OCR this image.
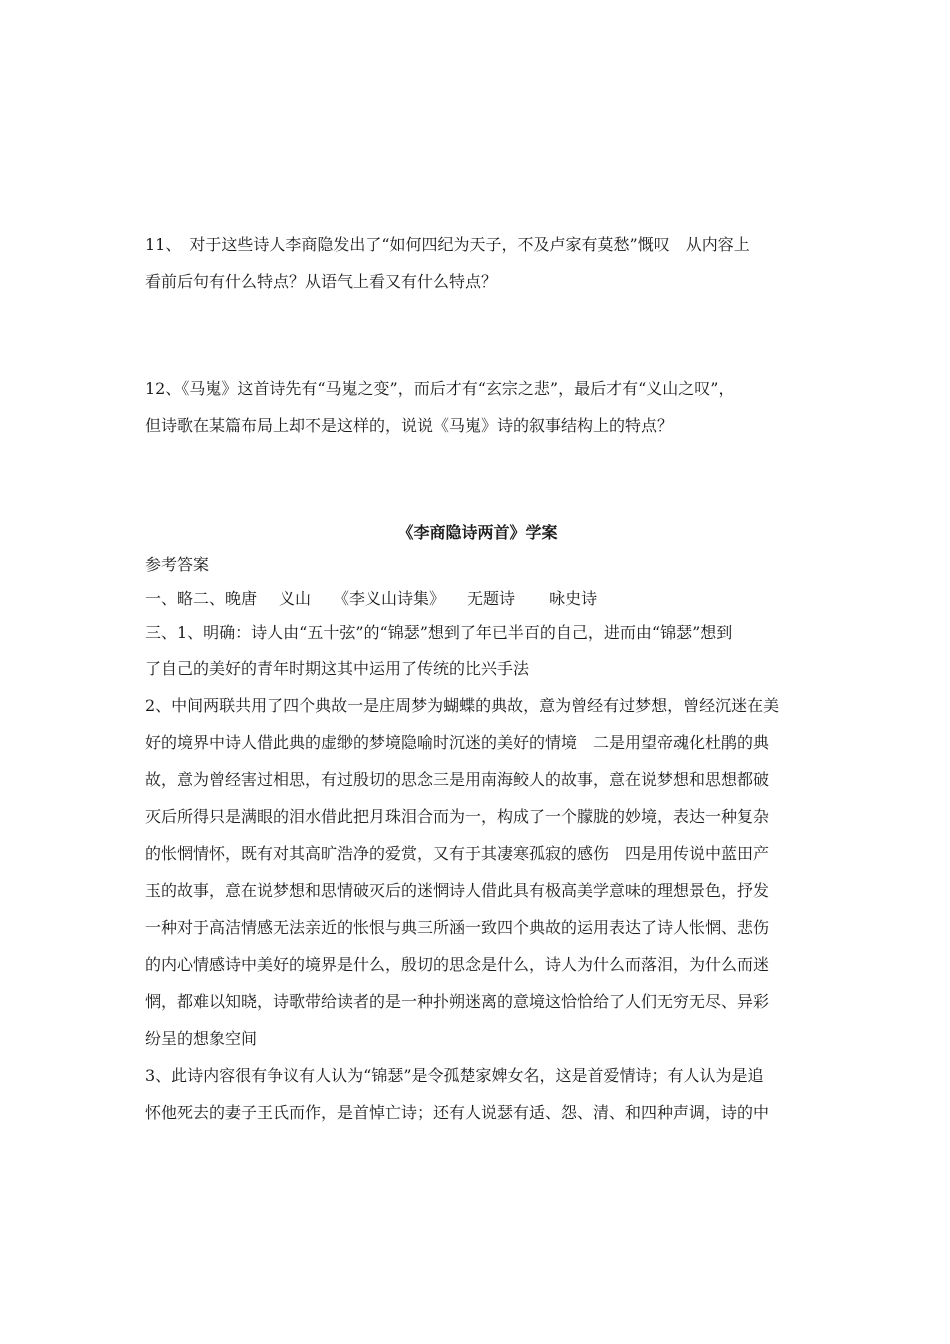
11、　对于这些诗人李商隐发出了“如何四纪为天子，不及卢家有莫愁”慨叹　从内容上
看前后句有什么特点？从语气上看又有什么特点？
12、《马嵬》这首诗先有“马嵬之变”，而后才有“玄宗之悲”，最后才有“义山之叹”，
但诗歌在某篇布局上却不是这样的，说说《马嵬》诗的叙事结构上的特点？
《李商隐诗两首》学案
参考答案
一、略二、晚唐 义山 《李义山诗集》 无题诗 咏史诗
三、1、明确：诗人由“五十弦”的“锦瑟”想到了年已半百的自己，进而由“锦瑟”想到
了自己的美好的青年时期这其中运用了传统的比兴手法
2、中间两联共用了四个典故一是庄周梦为蝴蝶的典故，意为曾经有过梦想，曾经沉迷在美
好的境界中诗人借此典的虚缈的梦境隐喻时沉迷的美好的情境　二是用望帝魂化杜鹃的典
故，意为曾经害过相思，有过殷切的思念三是用南海鲛人的故事，意在说梦想和思想都破
灭后所得只是满眼的泪水借此把月珠泪合而为一，构成了一个朦胧的妙境，表达一种复杂
的怅惘情怀，既有对其高旷浩净的爱赏，又有于其凄寒孤寂的感伤　四是用传说中蓝田产
玉的故事，意在说梦想和思情破灭后的迷惘诗人借此具有极高美学意味的理想景色，抒发
一种对于高洁情感无法亲近的怅恨与典三所涵一致四个典故的运用表达了诗人怅惘、悲伤
的内心情感诗中美好的境界是什么，殷切的思念是什么，诗人为什么而落泪，为什么而迷
惘，都难以知晓，诗歌带给读者的是一种扑朔迷离的意境这恰恰给了人们无穷无尽、异彩
纷呈的想象空间
3、此诗内容很有争议有人认为“锦瑟”是令孤楚家婢女名，这是首爱情诗；有人认为是追
怀他死去的妻子王氏而作，是首悼亡诗；还有人说瑟有适、怨、清、和四种声调，诗的中
